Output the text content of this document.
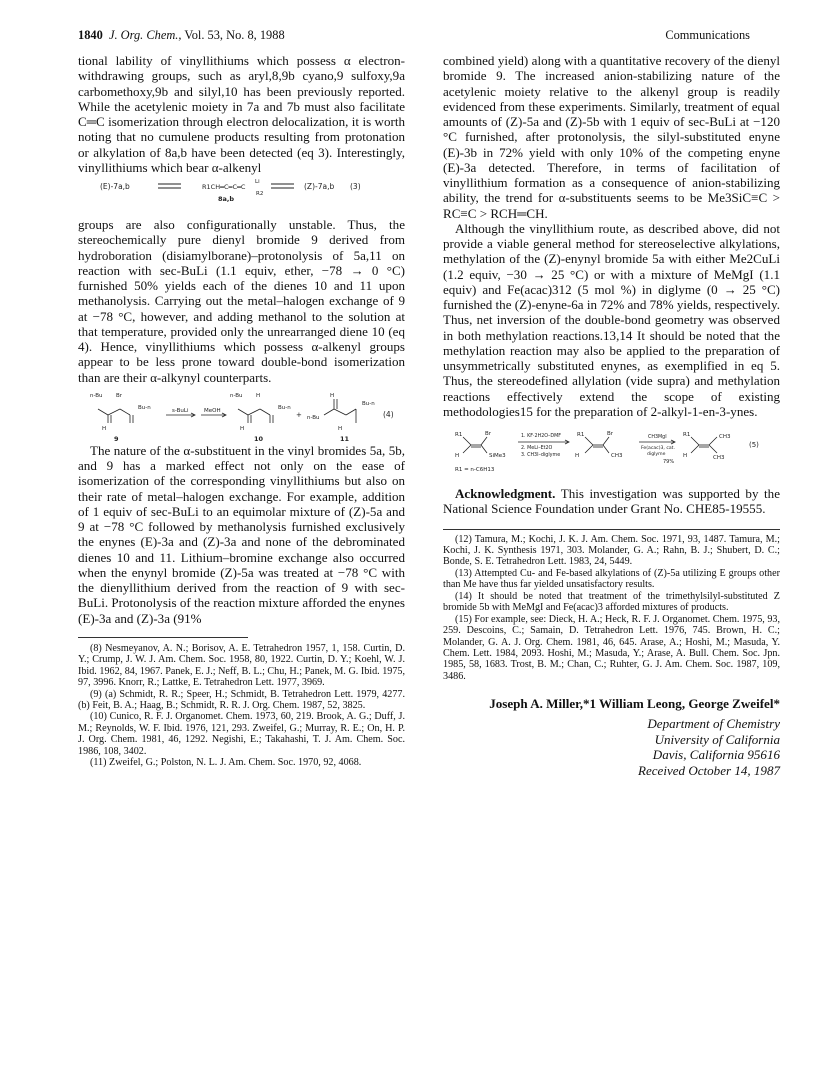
1840 J. Org. Chem., Vol. 53, No. 8, 1988	Communications

tional lability of vinyllithiums which possess α electron-withdrawing groups, such as aryl,8,9b cyano,9 sulfoxy,9a carbomethoxy,9b and silyl,10 has been previously reported. While the acetylenic moiety in 7a and 7b must also facilitate C═C isomerization through electron delocalization, it is worth noting that no cumulene products resulting from protonation or alkylation of 8a,b have been detected (eq 3). Interestingly, vinyllithiums which bear α-alkenyl

(E)-7a,b	R1CH═C═C═C
Li
R2
8a,b
(Z)-7a,b (3)

groups are also configurationally unstable. Thus, the stereochemically pure dienyl bromide 9 derived from hydroboration (disiamylborane)–protonolysis of 5a,11 on reaction with sec-BuLi (1.1 equiv, ether, −78 → 0 °C) furnished 50% yields each of the dienes 10 and 11 upon methanolysis. Carrying out the metal–halogen exchange of 9 at −78 °C, however, and adding methanol to the solution at that temperature, provided only the unrearranged diene 10 (eq 4). Hence, vinyllithiums which possess α-alkenyl groups appear to be less prone toward double-bond isomerization than are their α-alkynyl counterparts.

n-Bu Br
Bu-n
H
9
s-BuLi	MeOH
n-Bu H
Bu-n
H
10
+ n-Bu
H
Bu-n
H
11
(4)

The nature of the α-substituent in the vinyl bromides 5a, 5b, and 9 has a marked effect not only on the ease of isomerization of the corresponding vinyllithiums but also on their rate of metal–halogen exchange. For example, addition of 1 equiv of sec-BuLi to an equimolar mixture of (Z)-5a and 9 at −78 °C followed by methanolysis furnished exclusively the enynes (E)-3a and (Z)-3a and none of the debrominated dienes 10 and 11. Lithium–bromine exchange also occurred when the enynyl bromide (Z)-5a was treated at −78 °C with the dienyllithium derived from the reaction of 9 with sec-BuLi. Protonolysis of the reaction mixture afforded the enynes (E)-3a and (Z)-3a (91%

(8) Nesmeyanov, A. N.; Borisov, A. E. Tetrahedron 1957, 1, 158. Curtin, D. Y.; Crump, J. W. J. Am. Chem. Soc. 1958, 80, 1922. Curtin, D. Y.; Koehl, W. J. Ibid. 1962, 84, 1967. Panek, E. J.; Neff, B. L.; Chu, H.; Panek, M. G. Ibid. 1975, 97, 3996. Knorr, R.; Lattke, E. Tetrahedron Lett. 1977, 3969.
(9) (a) Schmidt, R. R.; Speer, H.; Schmidt, B. Tetrahedron Lett. 1979, 4277. (b) Feit, B. A.; Haag, B.; Schmidt, R. R. J. Org. Chem. 1987, 52, 3825.
(10) Cunico, R. F. J. Organomet. Chem. 1973, 60, 219. Brook, A. G.; Duff, J. M.; Reynolds, W. F. Ibid. 1976, 121, 293. Zweifel, G.; Murray, R. E.; On, H. P. J. Org. Chem. 1981, 46, 1292. Negishi, E.; Takahashi, T. J. Am. Chem. Soc. 1986, 108, 3402.
(11) Zweifel, G.; Polston, N. L. J. Am. Chem. Soc. 1970, 92, 4068.

combined yield) along with a quantitative recovery of the dienyl bromide 9. The increased anion-stabilizing nature of the acetylenic moiety relative to the alkenyl group is readily evidenced from these experiments. Similarly, treatment of equal amounts of (Z)-5a and (Z)-5b with 1 equiv of sec-BuLi at −120 °C furnished, after protonolysis, the silyl-substituted enyne (E)-3b in 72% yield with only 10% of the competing enyne (E)-3a detected. Therefore, in terms of facilitation of vinyllithium formation as a consequence of anion-stabilizing ability, the trend for α-substituents seems to be Me3SiC≡C > RC≡C > RCH═CH.

Although the vinyllithium route, as described above, did not provide a viable general method for stereoselective alkylations, methylation of the (Z)-enynyl bromide 5a with either Me2CuLi (1.2 equiv, −30 → 25 °C) or with a mixture of MeMgI (1.1 equiv) and Fe(acac)312 (5 mol %) in diglyme (0 → 25 °C) furnished the (Z)-enyne-6a in 72% and 78% yields, respectively. Thus, net inversion of the double-bond geometry was observed in both methylation reactions.13,14 It should be noted that the methylation reaction may also be applied to the preparation of unsymmetrically substituted enynes, as exemplified in eq 5. Thus, the stereodefined allylation (vide supra) and methylation reactions effectively extend the scope of existing methodologies15 for the preparation of 2-alkyl-1-en-3-ynes.

R1	Br
H	SiMe3
1. KF·2H2O–DMF
2. MeLi–Et2O
3. CH3I–diglyme
R1	Br
H	CH3
CH3MgI
Fe(acac)3, cat.
diglyme
79%
R1	CH3
H	CH3
(5)
R1 = n-C6H13

Acknowledgment. This investigation was supported by the National Science Foundation under Grant No. CHE85-19555.

(12) Tamura, M.; Kochi, J. K. J. Am. Chem. Soc. 1971, 93, 1487. Tamura, M.; Kochi, J. K. Synthesis 1971, 303. Molander, G. A.; Rahn, B. J.; Shubert, D. C.; Bonde, S. E. Tetrahedron Lett. 1983, 24, 5449.
(13) Attempted Cu- and Fe-based alkylations of (Z)-5a utilizing E groups other than Me have thus far yielded unsatisfactory results.
(14) It should be noted that treatment of the trimethylsilyl-substituted Z bromide 5b with MeMgI and Fe(acac)3 afforded mixtures of products.
(15) For example, see: Dieck, H. A.; Heck, R. F. J. Organomet. Chem. 1975, 93, 259. Descoins, C.; Samain, D. Tetrahedron Lett. 1976, 745. Brown, H. C.; Molander, G. A. J. Org. Chem. 1981, 46, 645. Arase, A.; Hoshi, M.; Masuda, Y. Chem. Lett. 1984, 2093. Hoshi, M.; Masuda, Y.; Arase, A. Bull. Chem. Soc. Jpn. 1985, 58, 1683. Trost, B. M.; Chan, C.; Ruhter, G. J. Am. Chem. Soc. 1987, 109, 3486.

Joseph A. Miller,*1 William Leong, George Zweifel*

Department of Chemistry

University of California

Davis, California 95616

Received October 14, 1987
